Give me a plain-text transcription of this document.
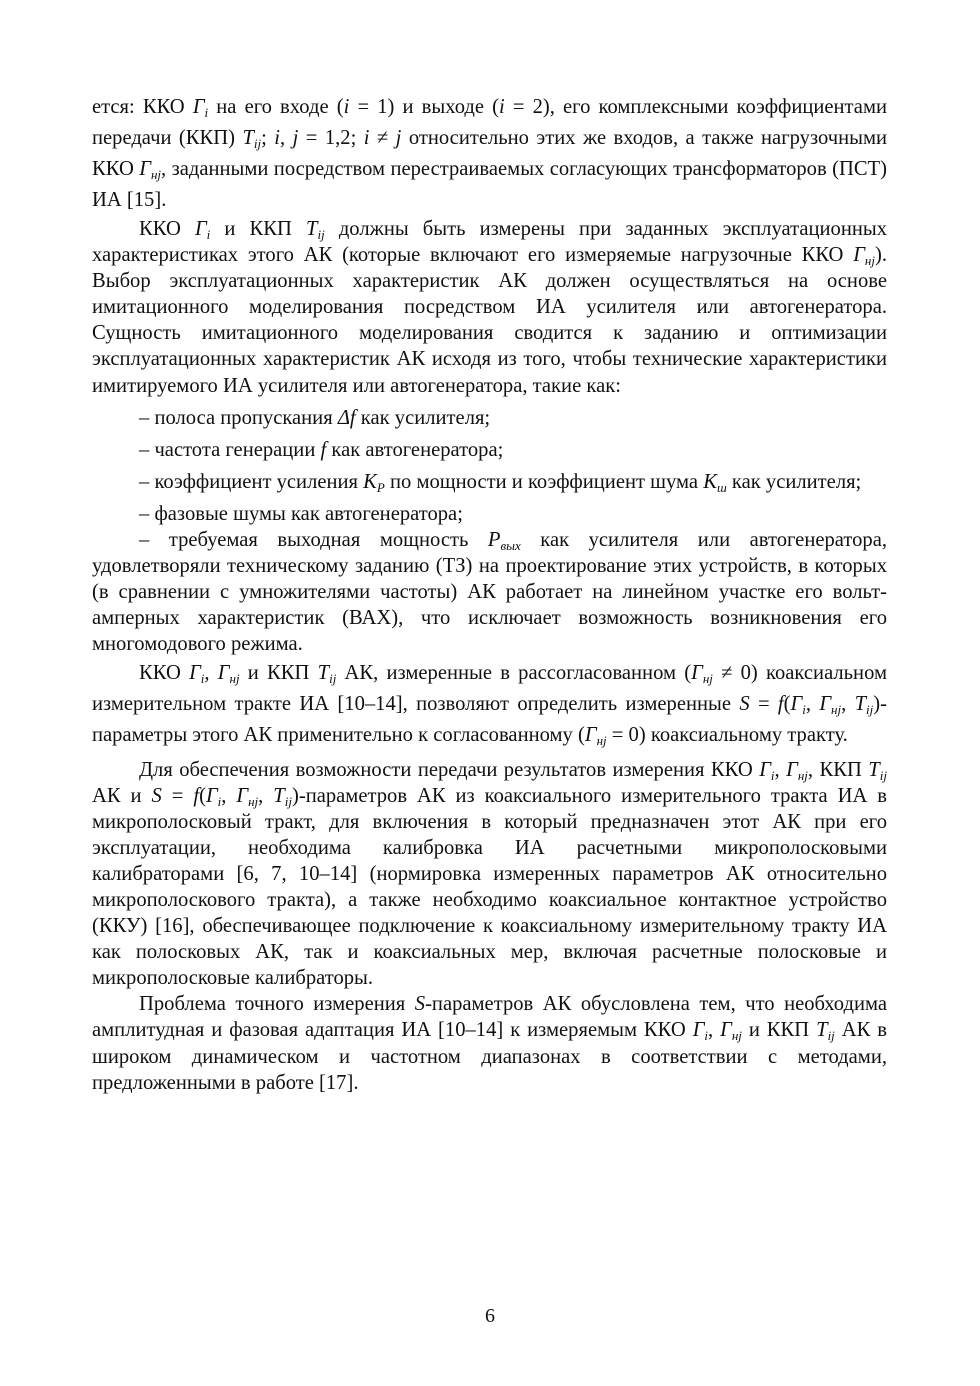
ется: ККО $\Gamma_i$ на его входе (i = 1) и выходе (i = 2), его комплексными коэффициентами передачи (ККП) $T_{ij}$; i, j = 1,2; i ≠ j относительно этих же входов, а также нагрузочными ККО $\Gamma_{нj}$, заданными посредством перестраиваемых согласующих трансформаторов (ПСТ) ИА [15].

ККО $\Gamma_i$ и ККП $T_{ij}$ должны быть измерены при заданных эксплуатационных характеристиках этого АК (которые включают его измеряемые нагрузочные ККО $\Gamma_{нj}$). Выбор эксплуатационных характеристик АК должен осуществляться на основе имитационного моделирования посредством ИА усилителя или автогенератора. Сущность имитационного моделирования сводится к заданию и оптимизации эксплуатационных характеристик АК исходя из того, чтобы технические характеристики имитируемого ИА усилителя или автогенератора, такие как:

– полоса пропускания Δf как усилителя;

– частота генерации f как автогенератора;

– коэффициент усиления $K_P$ по мощности и коэффициент шума $K_ш$ как усилителя;

– фазовые шумы как автогенератора;

– требуемая выходная мощность $P_{вых}$ как усилителя или автогенератора, удовлетворяли техническому заданию (ТЗ) на проектирование этих устройств, в которых (в сравнении с умножителями частоты) АК работает на линейном участке его вольт-амперных характеристик (ВАХ), что исключает возможность возникновения его многомодового режима.

ККО $\Gamma_i$, $\Gamma_{нj}$ и ККП $T_{ij}$ АК, измеренные в рассогласованном $(\Gamma_{нj} \ne 0)$ коаксиальном измерительном тракте ИА [10–14], позволяют определить измеренные $S = f(\Gamma_i$, $\Gamma_{нj}$, $T_{ij}$)-параметры этого АК применительно к согласованному $(\Gamma_{нj} = 0)$ коаксиальному тракту.

Для обеспечения возможности передачи результатов измерения ККО $\Gamma_i$, $\Gamma_{нj}$, ККП $T_{ij}$ АК и $S = f(\Gamma_i$, $\Gamma_{нj}$, $T_{ij}$)-параметров АК из коаксиального измерительного тракта ИА в микрополосковый тракт, для включения в который предназначен этот АК при его эксплуатации, необходима калибровка ИА расчетными микрополосковыми калибраторами [6, 7, 10–14] (нормировка измеренных параметров АК относительно микрополоскового тракта), а также необходимо коаксиальное контактное устройство (ККУ) [16], обеспечивающее подключение к коаксиальному измерительному тракту ИА как полосковых АК, так и коаксиальных мер, включая расчетные полосковые и микрополосковые калибраторы.

Проблема точного измерения S-параметров АК обусловлена тем, что необходима амплитудная и фазовая адаптация ИА [10–14] к измеряемым ККО $\Gamma_i$, $\Gamma_{нj}$ и ККП $T_{ij}$ АК в широком динамическом и частотном диапазонах в соответствии с методами, предложенными в работе [17].

6
